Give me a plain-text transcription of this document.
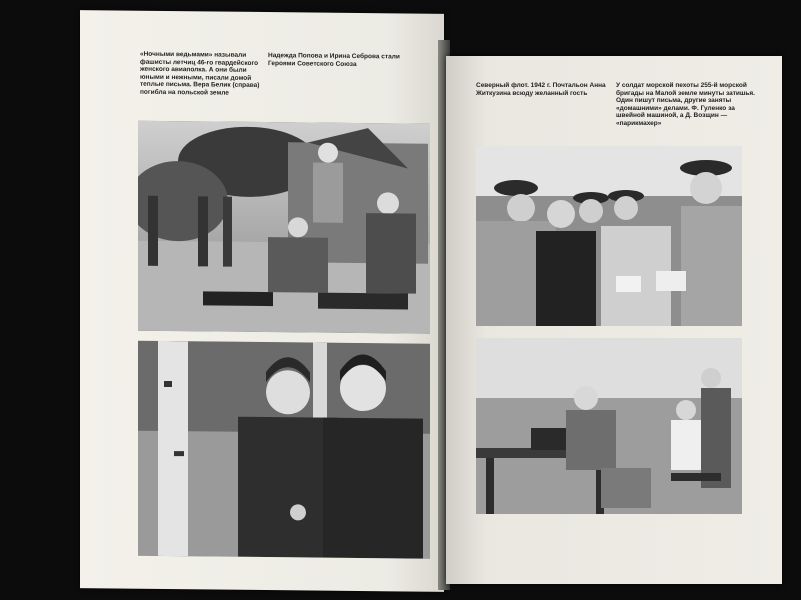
«Ночными ведьмами» называли фашисты летчиц 46-го гвардейского женского авиаполка. А они были юными и нежными, писали домой теплые письма. Вера Белик (справа) погибла на польской земле
Надежда Попова и Ирина Себрова стали Героями Советского Союза
Северный флот. 1942 г. Почтальон Анна Житкузина всюду желанный гость
У солдат морской пехоты 255-й морской бригады на Малой земле минуты затишья. Один пишут письма, другие заняты «домашними» делами. Ф. Гуленко за швейной машиной, а Д. Возщин — «парикмахер»
